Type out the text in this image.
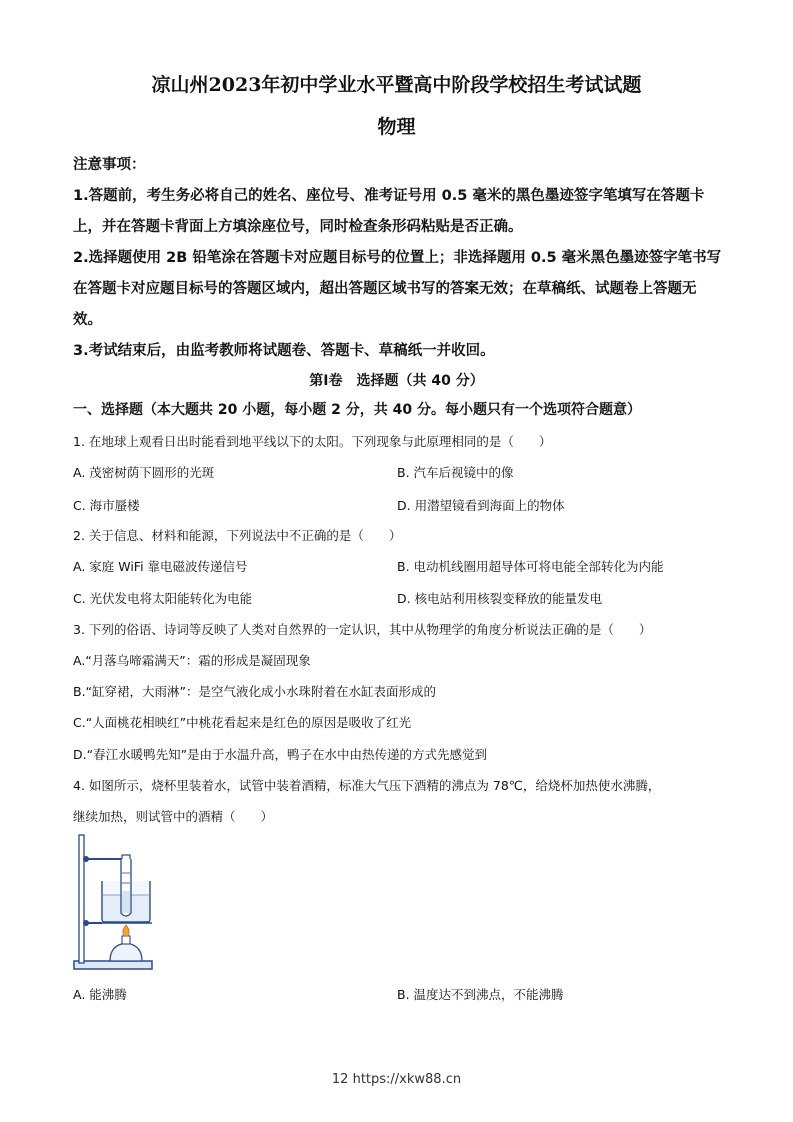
凉山州2023年初中学业水平暨高中阶段学校招生考试试题
物理

注意事项：

1.答题前，考生务必将自己的姓名、座位号、准考证号用 0.5 毫米的黑色墨迹签字笔填写在答题卡上，并在答题卡背面上方填涂座位号，同时检查条形码粘贴是否正确。

2.选择题使用 2B 铅笔涂在答题卡对应题目标号的位置上；非选择题用 0.5 毫米黑色墨迹签字笔书写在答题卡对应题目标号的答题区域内，超出答题区域书写的答案无效；在草稿纸、试题卷上答题无效。

3.考试结束后，由监考教师将试题卷、答题卡、草稿纸一并收回。

第Ⅰ卷　选择题（共 40 分）
一、选择题（本大题共 20 小题，每小题 2 分，共 40 分。每小题只有一个选项符合题意）
1. 在地球上观看日出时能看到地平线以下的太阳。下列现象与此原理相同的是（　　）
A. 茂密树荫下圆形的光斑	B. 汽车后视镜中的像
C. 海市蜃楼	D. 用潜望镜看到海面上的物体
2. 关于信息、材料和能源，下列说法中不正确的是（　　）
A. 家庭 WiFi 靠电磁波传递信号	B. 电动机线圈用超导体可将电能全部转化为内能
C. 光伏发电将太阳能转化为电能	D. 核电站利用核裂变释放的能量发电
3. 下列的俗语、诗词等反映了人类对自然界的一定认识，其中从物理学的角度分析说法正确的是（　　）
A.“月落乌啼霜满天”：霜的形成是凝固现象
B.“缸穿裙，大雨淋”：是空气液化成小水珠附着在水缸表面形成的
C.“人面桃花相映红”中桃花看起来是红色的原因是吸收了红光
D.“春江水暖鸭先知”是由于水温升高，鸭子在水中由热传递的方式先感觉到
4. 如图所示，烧杯里装着水，试管中装着酒精，标准大气压下酒精的沸点为 78℃，给烧杯加热使水沸腾，
继续加热，则试管中的酒精（　　）
A. 能沸腾	B. 温度达不到沸点，不能沸腾
12 https://xkw88.cn
